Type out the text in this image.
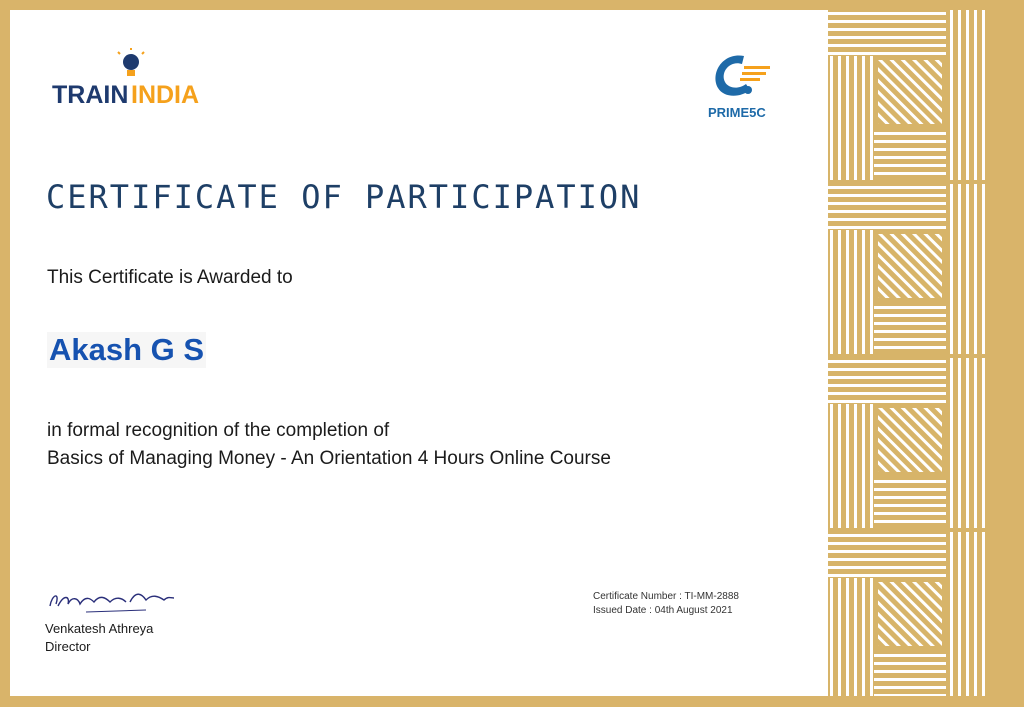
TRAIN INDIA
PRIME5C
CERTIFICATE OF PARTICIPATION
This Certificate is Awarded to
Akash G S
in formal recognition of the completion of
Basics of Managing Money - An Orientation 4 Hours Online Course
Venkatesh Athreya
Director
Certificate Number : TI-MM-2888
Issued Date : 04th August 2021
